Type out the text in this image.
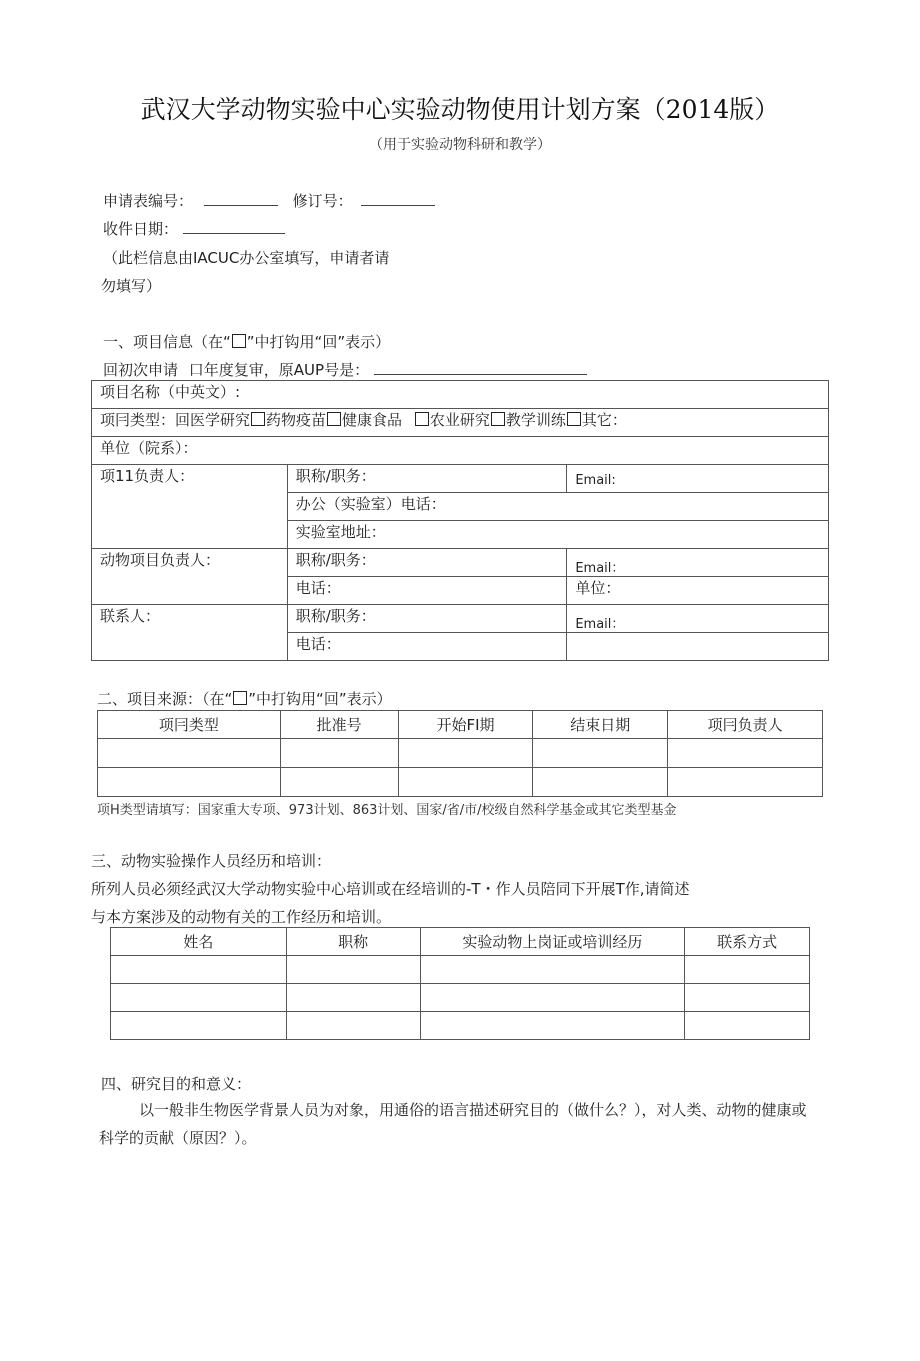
武汉大学动物实验中心实验动物使用计划方案（2014版）
（用于实验动物科研和教学）
申请表编号：	修订号：
收件日期：
（此栏信息由IACUC办公室填写，申请者请
勿填写）
一、项目信息（在“ ”中打钩用“回”表示）
回初次申请 口年度复审，原AUP号是：
项目名称（中英文）:		
项冃类型：回医学研究 药物疫苗 健康食品 农业研究 教学训练 其它：		
单位（院系）：		
项11负责人：	职称/职务：	Email:
	办公（实验室）电话：	
	实验室地址：	
动物项目负责人：	职称/职务：	Email：
	电话：	单位：
联系人：	职称/职务：	Email：
	电话：	
二、项目来源：（在“ ”中打钩用“回”表示）
项冃类型	批准号	开始FI期	结束日期	项冃负责人

项H类型请填写：国家重大专项、973计划、863计划、国家/省/市/校级自然科学基金或其它类型基金
三、动物实验操作人员经历和培训：
所列人员必须经武汉大学动物实验中心培训或在经培训的-T・作人员陪同下开展T作,请简述
与本方案涉及的动物有关的工作经历和培训。
姓名	职称	实验动物上岗证或培训经历	联系方式

四、研究目的和意义：
以一般非生物医学背景人员为对象，用通俗的语言描述研究目的（做什么？），对人类、动物的健康或科学的贡献（原因？）。
